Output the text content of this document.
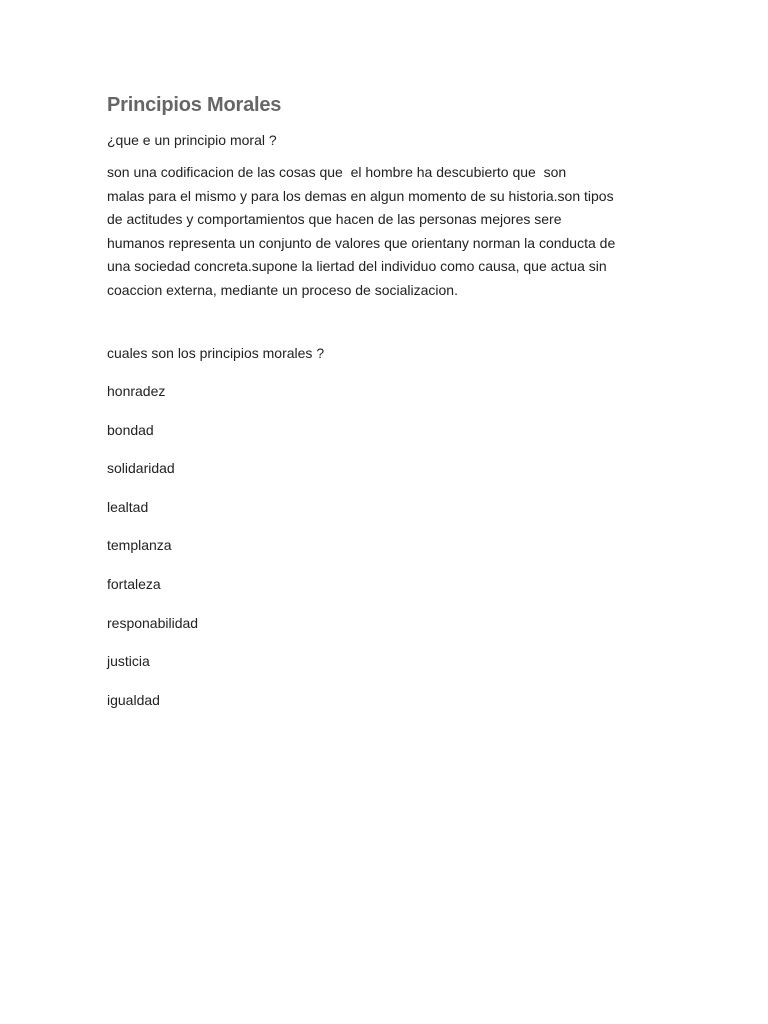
Principios Morales

¿que e un principio moral ?

son una codificacion de las cosas que  el hombre ha descubierto que  son
malas para el mismo y para los demas en algun momento de su historia.son tipos
de actitudes y comportamientos que hacen de las personas mejores sere
humanos representa un conjunto de valores que orientany norman la conducta de
una sociedad concreta.supone la liertad del individuo como causa, que actua sin
coaccion externa, mediante un proceso de socializacion.

cuales son los principios morales ?

honradez
bondad
solidaridad
lealtad
templanza
fortaleza
responabilidad
justicia
igualdad
